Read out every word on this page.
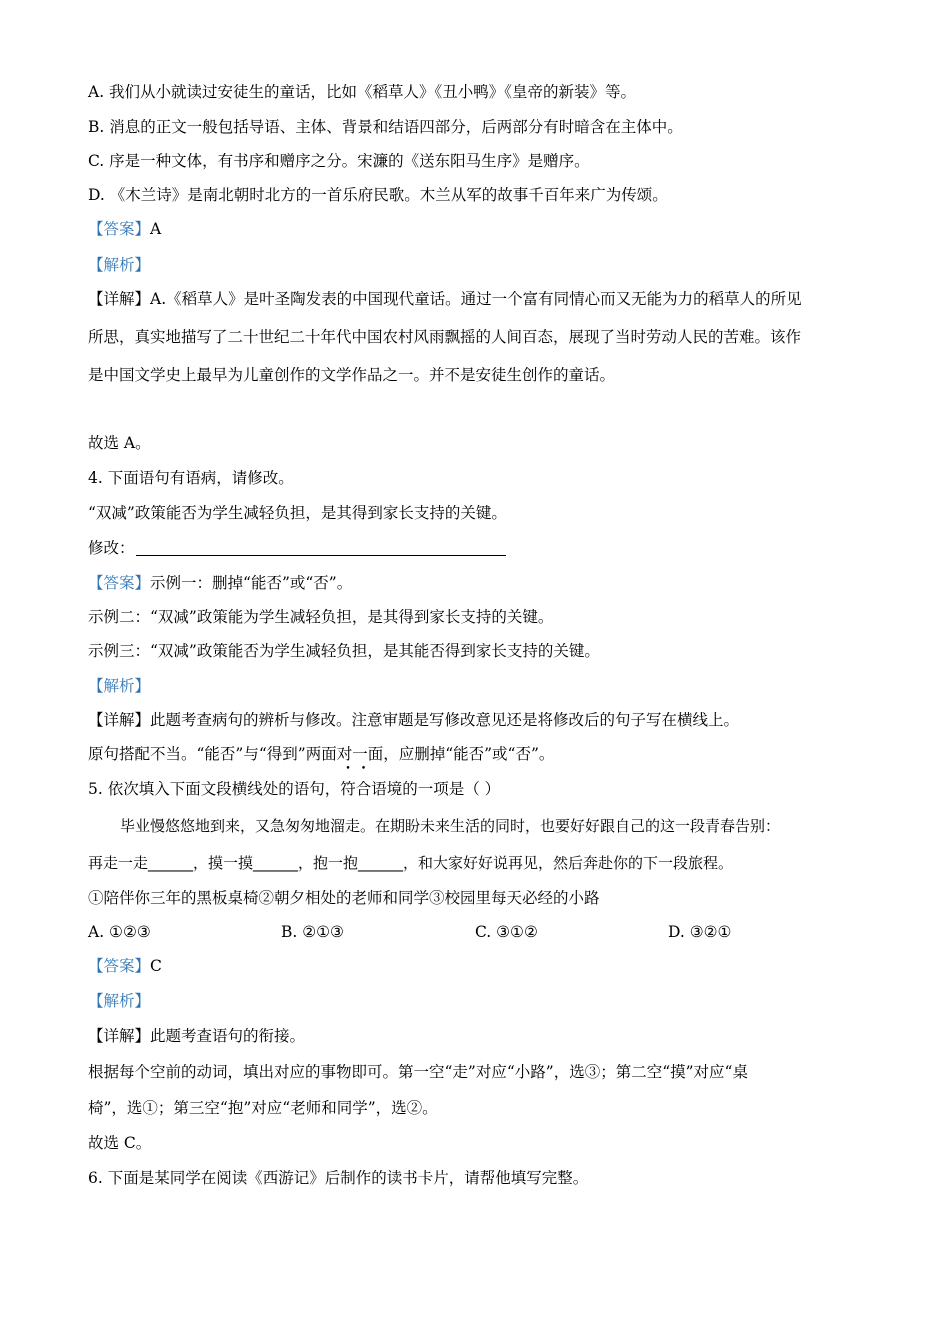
A. 我们从小就读过安徒生的童话，比如《稻草人》《丑小鸭》《皇帝的新装》等。
B. 消息的正文一般包括导语、主体、背景和结语四部分，后两部分有时暗含在主体中。
C. 序是一种文体，有书序和赠序之分。宋濂的《送东阳马生序》是赠序。
D. 《木兰诗》是南北朝时北方的一首乐府民歌。木兰从军的故事千百年来广为传颂。
【答案】A
【解析】
【详解】A.《稻草人》是叶圣陶发表的中国现代童话。通过一个富有同情心而又无能为力的稻草人的所见
所思，真实地描写了二十世纪二十年代中国农村风雨飘摇的人间百态，展现了当时劳动人民的苦难。该作
是中国文学史上最早为儿童创作的文学作品之一。并不是安徒生创作的童话。
故选 A。
4. 下面语句有语病，请修改。
“双减”政策能否为学生减轻负担，是其得到家长支持的关键。
修改：
【答案】示例一：删掉“能否”或“否”。
示例二：“双减”政策能为学生减轻负担，是其得到家长支持的关键。
示例三：“双减”政策能否为学生减轻负担，是其能否得到家长支持的关键。
【解析】
【详解】此题考查病句的辨析与修改。注意审题是写修改意见还是将修改后的句子写在横线上。
原句搭配不当。“能否”与“得到”两面对一面，应删掉“能否”或“否”。
5. 依次填入下面文段横线处的语句，符合语境的一项是（ ）
毕业慢悠悠地到来，又急匆匆地溜走。在期盼未来生活的同时，也要好好跟自己的这一段青春告别：
再走一走______，摸一摸______，抱一抱______，和大家好好说再见，然后奔赴你的下一段旅程。
①陪伴你三年的黑板桌椅②朝夕相处的老师和同学③校园里每天必经的小路
A. ①②③	B. ②①③	C. ③①②	D. ③②①
【答案】C
【解析】
【详解】此题考查语句的衔接。
根据每个空前的动词，填出对应的事物即可。第一空“走”对应“小路”，选③；第二空“摸”对应“桌
椅”，选①；第三空“抱”对应“老师和同学”，选②。
故选 C。
6. 下面是某同学在阅读《西游记》后制作的读书卡片，请帮他填写完整。
